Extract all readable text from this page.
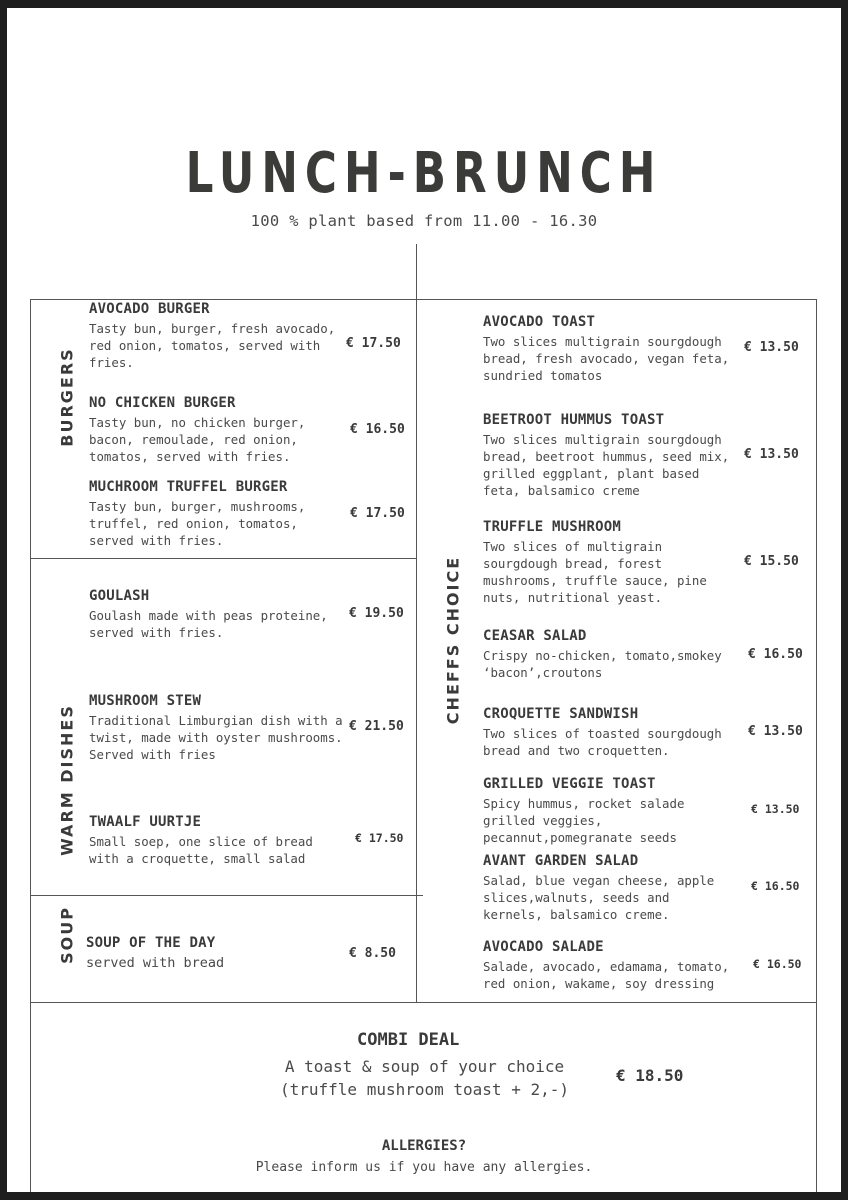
LUNCH-BRUNCH
100 % plant based from 11.00 - 16.30
BURGERS
WARM DISHES
SOUP
CHEFFS CHOICE
AVOCADO BURGER
Tasty bun, burger, fresh avocado, red onion, tomatos, served with fries.
€ 17.50
NO CHICKEN BURGER
Tasty bun, no chicken burger, bacon, remoulade, red onion, tomatos, served with fries.
€ 16.50
MUCHROOM TRUFFEL BURGER
Tasty bun, burger, mushrooms, truffel, red onion, tomatos, served with fries.
€ 17.50
GOULASH
Goulash made with peas proteine, served with fries.
€ 19.50
MUSHROOM STEW
Traditional Limburgian dish with a twist, made with oyster mushrooms. Served with fries
€ 21.50
TWAALF UURTJE
Small soep, one slice of bread with a croquette, small salad
€ 17.50
SOUP OF THE DAY
served with bread
€ 8.50
AVOCADO TOAST
Two slices multigrain sourgdough bread, fresh avocado, vegan feta, sundried tomatos
€ 13.50
BEETROOT HUMMUS TOAST
Two slices multigrain sourgdough bread, beetroot hummus, seed mix, grilled eggplant, plant based feta, balsamico creme
€ 13.50
TRUFFLE MUSHROOM
Two slices of multigrain sourgdough bread, forest mushrooms, truffle sauce, pine nuts, nutritional yeast.
€ 15.50
CEASAR SALAD
Crispy no-chicken, tomato,smokey ‘bacon’,croutons
€ 16.50
CROQUETTE SANDWISH
Two slices of toasted sourgdough bread and two croquetten.
€ 13.50
GRILLED VEGGIE TOAST
Spicy hummus, rocket salade grilled veggies, pecannut,pomegranate seeds
€ 13.50
AVANT GARDEN SALAD
Salad, blue vegan cheese, apple slices,walnuts, seeds and kernels, balsamico creme.
€ 16.50
AVOCADO SALADE
Salade, avocado, edamama, tomato, red onion, wakame, soy dressing
€ 16.50
COMBI DEAL
A toast & soup of your choice
(truffle mushroom toast + 2,-)
€ 18.50
ALLERGIES?
Please inform us if you have any allergies.
